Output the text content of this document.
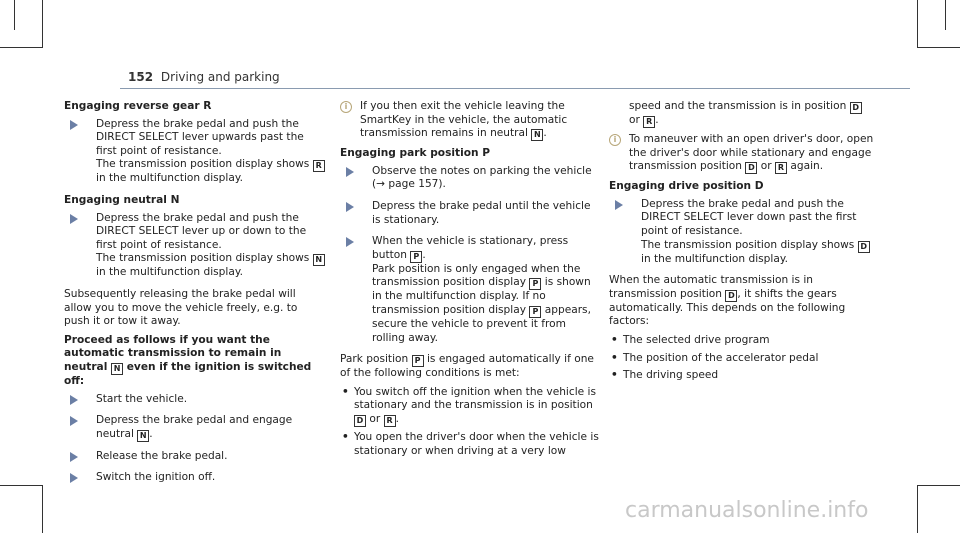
152 Driving and parking
Engaging reverse gear R
Depress the brake pedal and push the DIRECT SELECT lever upwards past the first point of resistance.
The transmission position display shows R in the multifunction display.
Engaging neutral N
Depress the brake pedal and push the DIRECT SELECT lever up or down to the first point of resistance.
The transmission position display shows N in the multifunction display.
Subsequently releasing the brake pedal will allow you to move the vehicle freely, e.g. to push it or tow it away.
Proceed as follows if you want the automatic transmission to remain in neutral N even if the ignition is switched off:
Start the vehicle.
Depress the brake pedal and engage neutral N .
Release the brake pedal.
Switch the ignition off.
i	If you then exit the vehicle leaving the SmartKey in the vehicle, the automatic transmission remains in neutral N .
Engaging park position P
Observe the notes on parking the vehicle
(→ page 157).
Depress the brake pedal until the vehicle is stationary.
When the vehicle is stationary, press button P .
Park position is only engaged when the transmission position display P is shown in the multifunction display. If no transmission position display P appears, secure the vehicle to prevent it from rolling away.
Park position P is engaged automatically if one of the following conditions is met:
• You switch off the ignition when the vehicle is stationary and the transmission is in position D or R .
• You open the driver's door when the vehicle is stationary or when driving at a very low
speed and the transmission is in position D or R .
i	To maneuver with an open driver's door, open the driver's door while stationary and engage transmission position D or R again.
Engaging drive position D
Depress the brake pedal and push the DIRECT SELECT lever down past the first point of resistance.
The transmission position display shows D in the multifunction display.
When the automatic transmission is in transmission position D , it shifts the gears automatically. This depends on the following factors:
• The selected drive program
• The position of the accelerator pedal
• The driving speed
carmanualsonline.info
